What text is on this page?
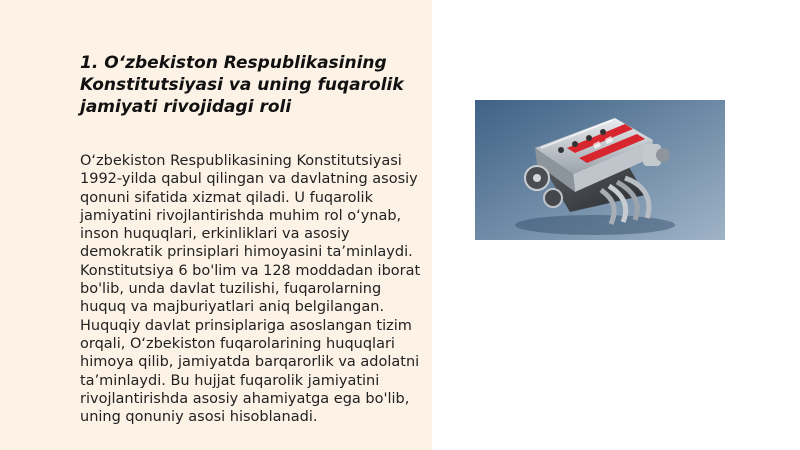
1. O‘zbekiston Respublikasining Konstitutsiyasi va uning fuqarolik jamiyati rivojidagi roli

O‘zbekiston Respublikasining Konstitutsiyasi 1992-yilda qabul qilingan va davlatning asosiy qonuni sifatida xizmat qiladi. U fuqarolik jamiyatini rivojlantirishda muhim rol o‘ynab, inson huquqlari, erkinliklari va asosiy demokratik prinsiplari himoyasini ta’minlaydi. Konstitutsiya 6 bo'lim va 128 moddadan iborat bo'lib, unda davlat tuzilishi, fuqarolarning huquq va majburiyatlari aniq belgilangan. Huquqiy davlat prinsiplariga asoslangan tizim orqali, O‘zbekiston fuqarolarining huquqlari himoya qilib, jamiyatda barqarorlik va adolatni ta’minlaydi. Bu hujjat fuqarolik jamiyatini rivojlantirishda asosiy ahamiyatga ega bo'lib, uning qonuniy asosi hisoblanadi.
